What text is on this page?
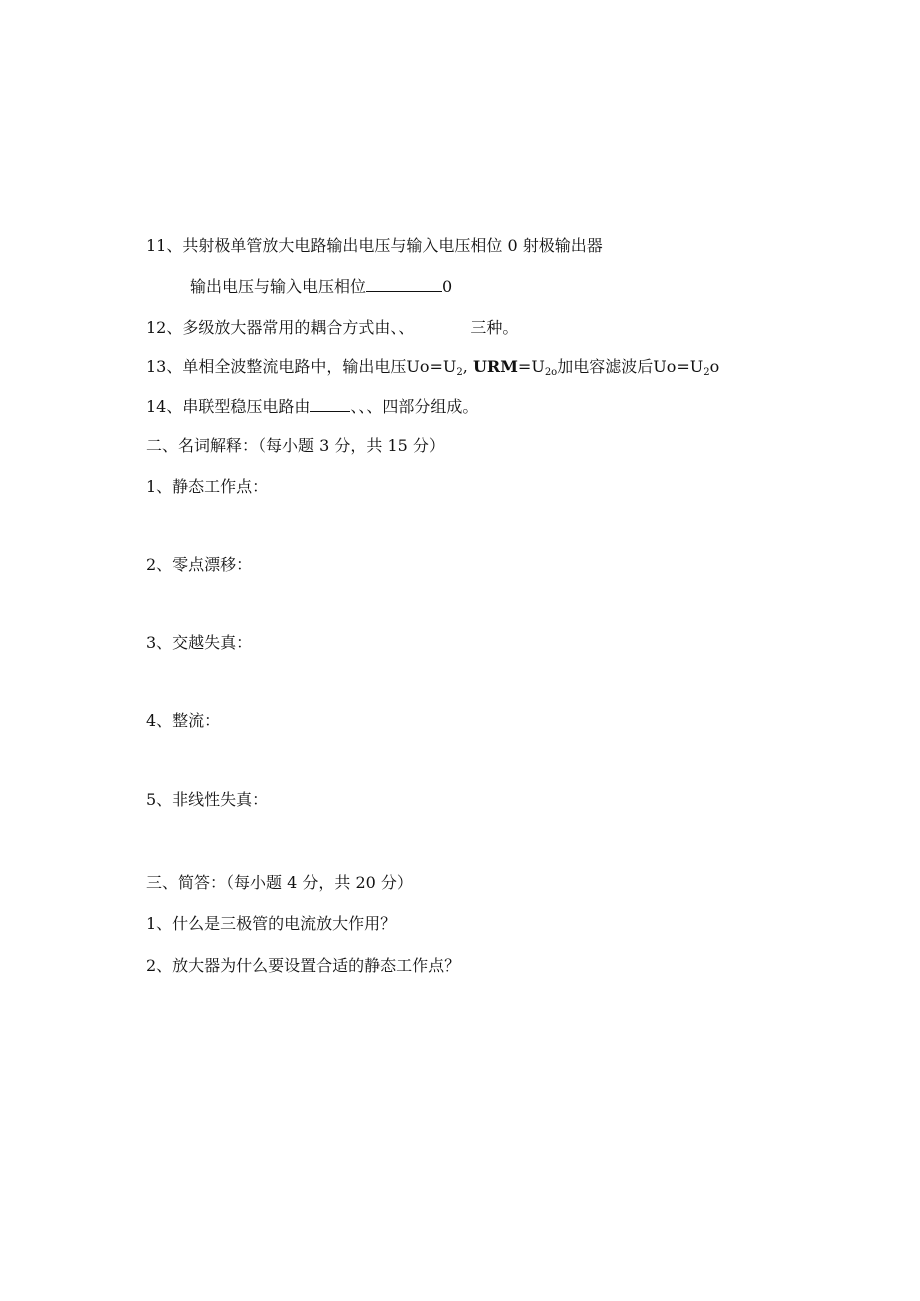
11、共射极单管放大电路输出电压与输入电压相位 0 射极输出器
输出电压与输入电压相位	0
12、多级放大器常用的耦合方式由、、	三种。
13、单相全波整流电路中，输出电压$Uo=U_2$, $URM=U_{2o}$加电容滤波后$Uo=U_2o$
14、串联型稳压电路由	、、、四部分组成。
二、名词解释：（每小题 3 分，共 15 分）
1、静态工作点：
2、零点漂移：
3、交越失真：
4、整流：
5、非线性失真：
三、简答：（每小题 4 分，共 20 分）
1、什么是三极管的电流放大作用？
2、放大器为什么要设置合适的静态工作点？
